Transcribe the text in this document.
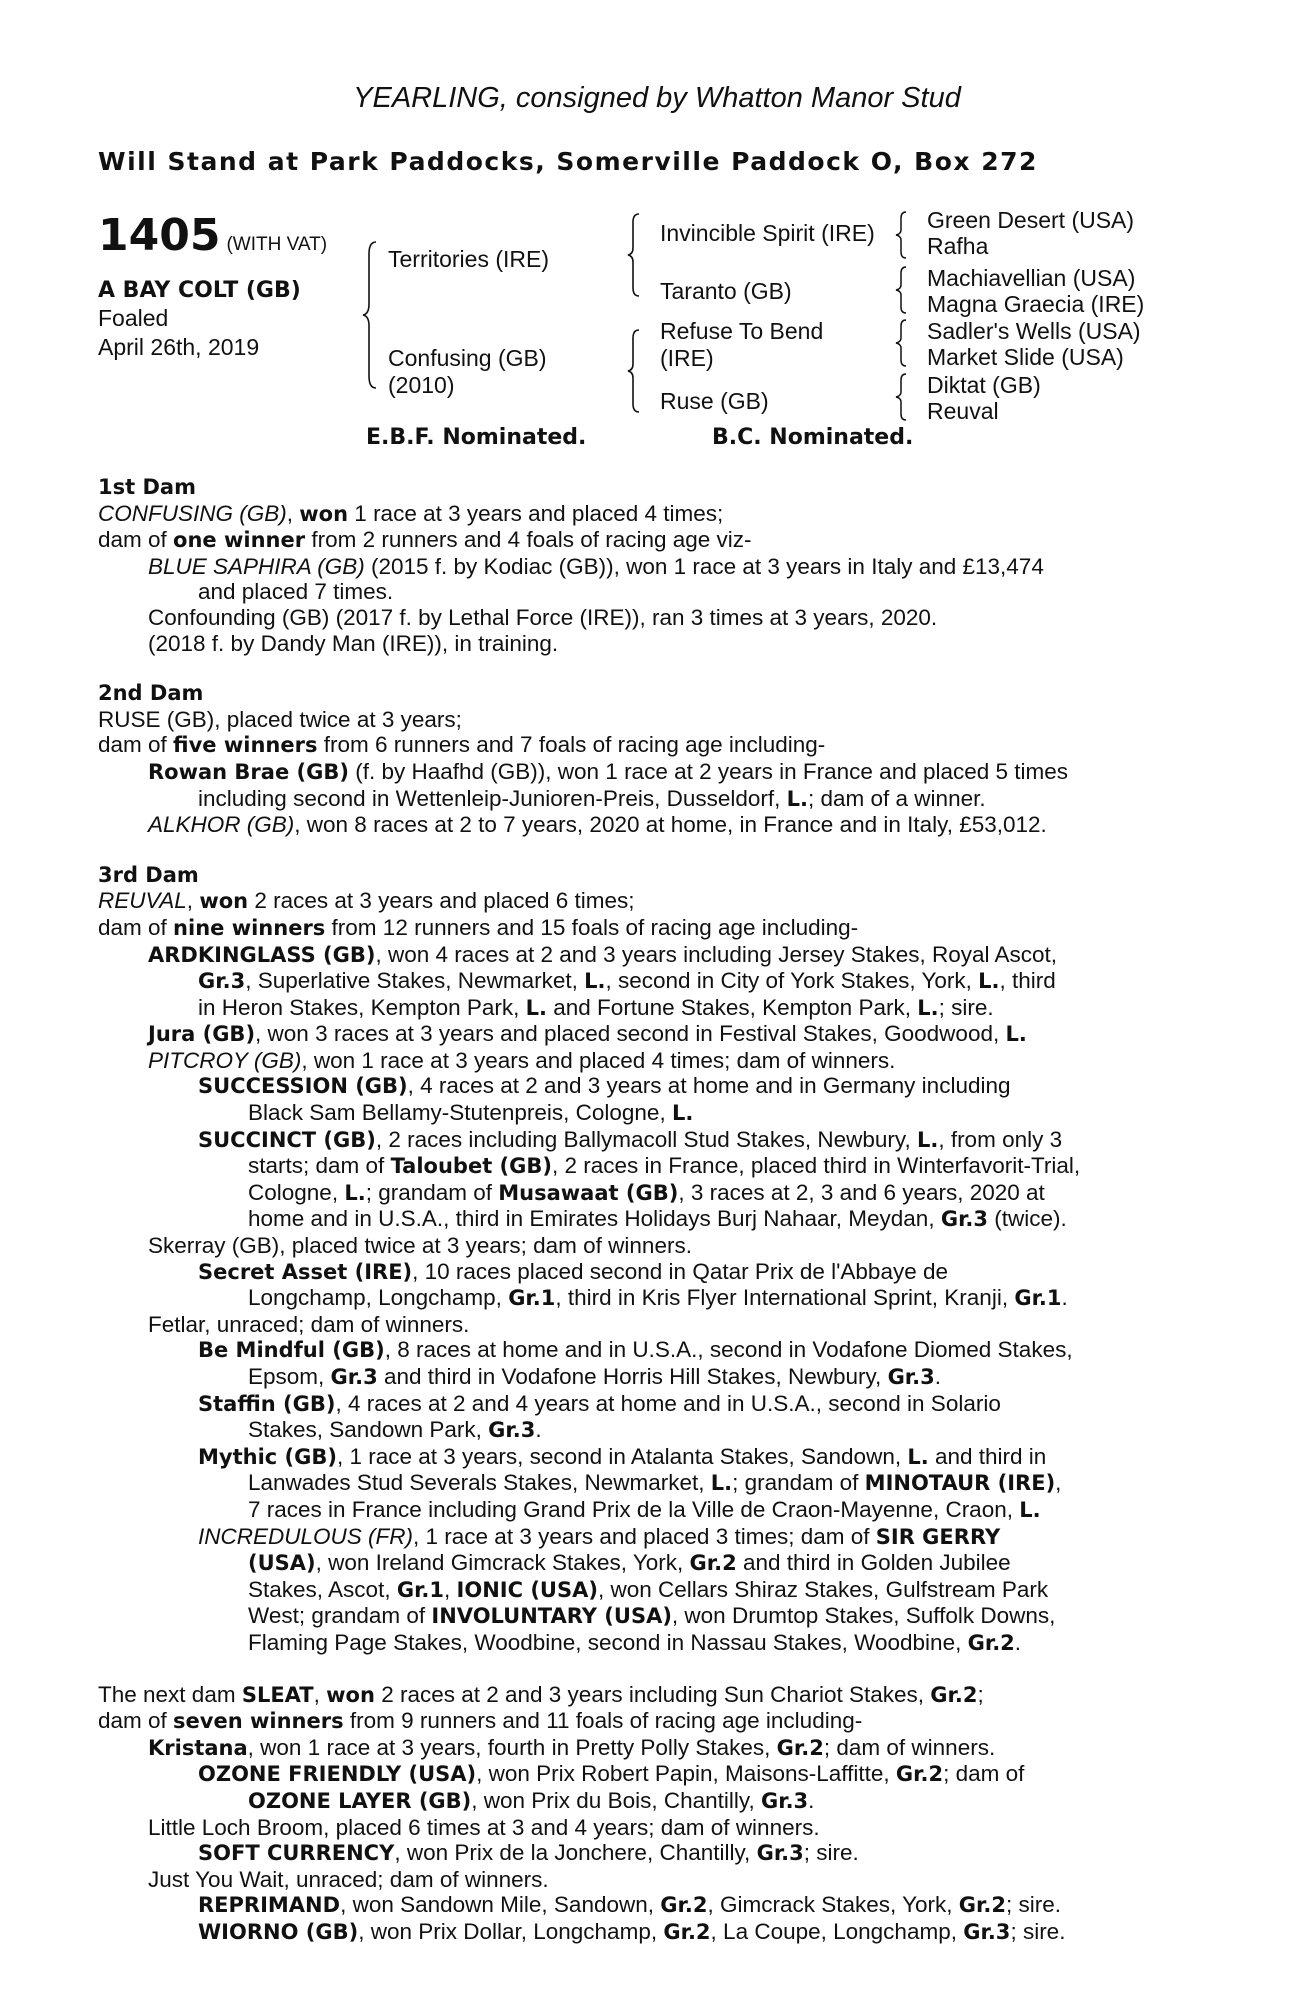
YEARLING, consigned by Whatton Manor Stud
Will Stand at Park Paddocks, Somerville Paddock O, Box 272
1405 (WITH VAT)
A BAY COLT (GB)
Foaled
April 26th, 2019
Territories (IRE)
Confusing (GB)
(2010)
Invincible Spirit (IRE)
Taranto (GB)
Refuse To Bend
(IRE)
Ruse (GB)
Green Desert (USA)
Rafha
Machiavellian (USA)
Magna Graecia (IRE)
Sadler's Wells (USA)
Market Slide (USA)
Diktat (GB)
Reuval
E.B.F. Nominated.	B.C. Nominated.
1st Dam
CONFUSING (GB), won 1 race at 3 years and placed 4 times;
dam of one winner from 2 runners and 4 foals of racing age viz-
BLUE SAPHIRA (GB) (2015 f. by Kodiac (GB)), won 1 race at 3 years in Italy and £13,474
and placed 7 times.
Confounding (GB) (2017 f. by Lethal Force (IRE)), ran 3 times at 3 years, 2020.
(2018 f. by Dandy Man (IRE)), in training.
2nd Dam
RUSE (GB), placed twice at 3 years;
dam of five winners from 6 runners and 7 foals of racing age including-
Rowan Brae (GB) (f. by Haafhd (GB)), won 1 race at 2 years in France and placed 5 times
including second in Wettenleip-Junioren-Preis, Dusseldorf, L.; dam of a winner.
ALKHOR (GB), won 8 races at 2 to 7 years, 2020 at home, in France and in Italy, £53,012.
3rd Dam
REUVAL, won 2 races at 3 years and placed 6 times;
dam of nine winners from 12 runners and 15 foals of racing age including-
ARDKINGLASS (GB), won 4 races at 2 and 3 years including Jersey Stakes, Royal Ascot,
Gr.3, Superlative Stakes, Newmarket, L., second in City of York Stakes, York, L., third
in Heron Stakes, Kempton Park, L. and Fortune Stakes, Kempton Park, L.; sire.
Jura (GB), won 3 races at 3 years and placed second in Festival Stakes, Goodwood, L.
PITCROY (GB), won 1 race at 3 years and placed 4 times; dam of winners.
SUCCESSION (GB), 4 races at 2 and 3 years at home and in Germany including
Black Sam Bellamy-Stutenpreis, Cologne, L.
SUCCINCT (GB), 2 races including Ballymacoll Stud Stakes, Newbury, L., from only 3
starts; dam of Taloubet (GB), 2 races in France, placed third in Winterfavorit-Trial,
Cologne, L.; grandam of Musawaat (GB), 3 races at 2, 3 and 6 years, 2020 at
home and in U.S.A., third in Emirates Holidays Burj Nahaar, Meydan, Gr.3 (twice).
Skerray (GB), placed twice at 3 years; dam of winners.
Secret Asset (IRE), 10 races placed second in Qatar Prix de l'Abbaye de
Longchamp, Longchamp, Gr.1, third in Kris Flyer International Sprint, Kranji, Gr.1.
Fetlar, unraced; dam of winners.
Be Mindful (GB), 8 races at home and in U.S.A., second in Vodafone Diomed Stakes,
Epsom, Gr.3 and third in Vodafone Horris Hill Stakes, Newbury, Gr.3.
Staffin (GB), 4 races at 2 and 4 years at home and in U.S.A., second in Solario
Stakes, Sandown Park, Gr.3.
Mythic (GB), 1 race at 3 years, second in Atalanta Stakes, Sandown, L. and third in
Lanwades Stud Severals Stakes, Newmarket, L.; grandam of MINOTAUR (IRE),
7 races in France including Grand Prix de la Ville de Craon-Mayenne, Craon, L.
INCREDULOUS (FR), 1 race at 3 years and placed 3 times; dam of SIR GERRY
(USA), won Ireland Gimcrack Stakes, York, Gr.2 and third in Golden Jubilee
Stakes, Ascot, Gr.1, IONIC (USA), won Cellars Shiraz Stakes, Gulfstream Park
West; grandam of INVOLUNTARY (USA), won Drumtop Stakes, Suffolk Downs,
Flaming Page Stakes, Woodbine, second in Nassau Stakes, Woodbine, Gr.2.
The next dam SLEAT, won 2 races at 2 and 3 years including Sun Chariot Stakes, Gr.2;
dam of seven winners from 9 runners and 11 foals of racing age including-
Kristana, won 1 race at 3 years, fourth in Pretty Polly Stakes, Gr.2; dam of winners.
OZONE FRIENDLY (USA), won Prix Robert Papin, Maisons-Laffitte, Gr.2; dam of
OZONE LAYER (GB), won Prix du Bois, Chantilly, Gr.3.
Little Loch Broom, placed 6 times at 3 and 4 years; dam of winners.
SOFT CURRENCY, won Prix de la Jonchere, Chantilly, Gr.3; sire.
Just You Wait, unraced; dam of winners.
REPRIMAND, won Sandown Mile, Sandown, Gr.2, Gimcrack Stakes, York, Gr.2; sire.
WIORNO (GB), won Prix Dollar, Longchamp, Gr.2, La Coupe, Longchamp, Gr.3; sire.
